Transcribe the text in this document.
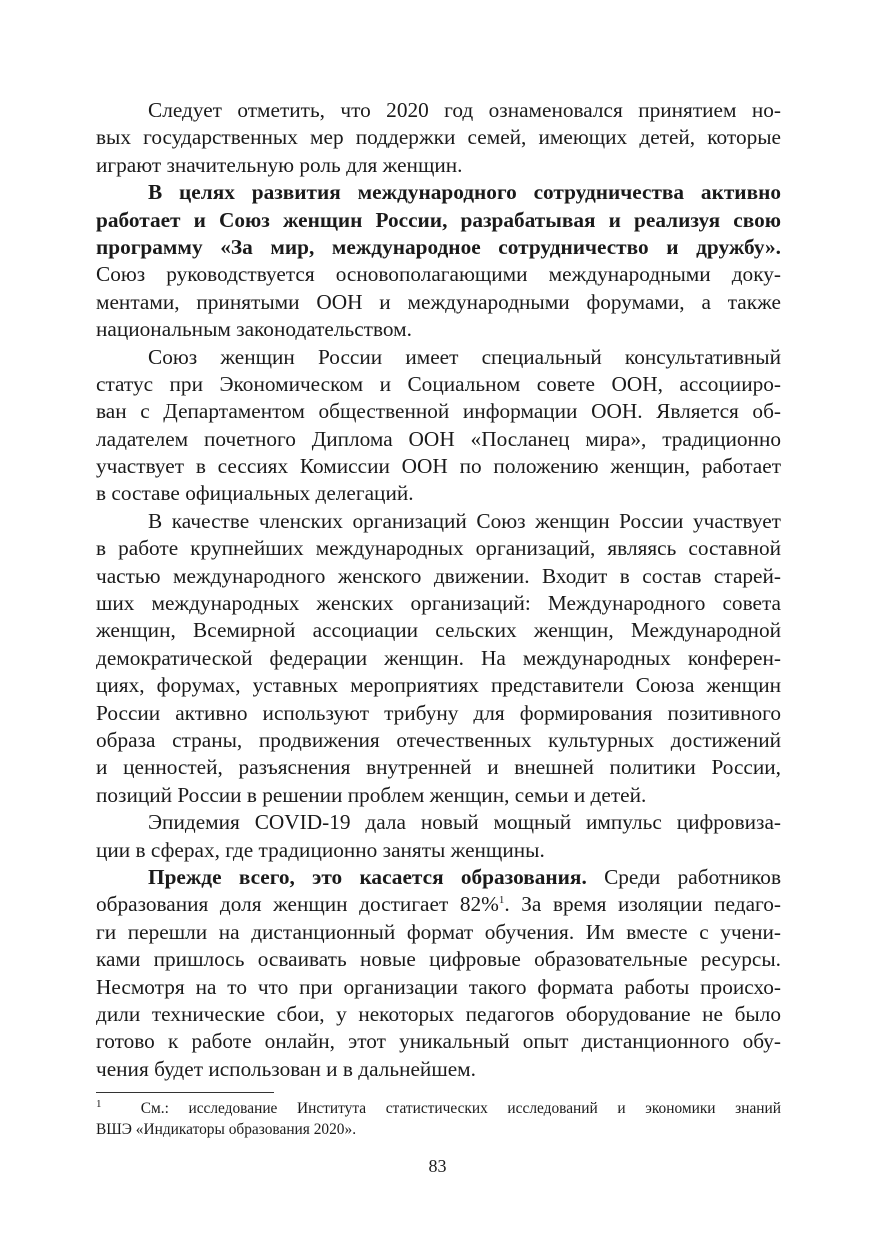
Следует отметить, что 2020 год ознаменовался принятием но-
вых государственных мер поддержки семей, имеющих детей, которые
играют значительную роль для женщин.
В целях развития международного сотрудничества активно
работает и Союз женщин России, разрабатывая и реализуя свою
программу «За мир, международное сотрудничество и дружбу».
Союз руководствуется основополагающими международными доку-
ментами, принятыми ООН и международными форумами, а также
национальным законодательством.
Союз женщин России имеет специальный консультативный
статус при Экономическом и Социальном совете ООН, ассоцииро-
ван с Департаментом общественной информации ООН. Является об-
ладателем почетного Диплома ООН «Посланец мира», традиционно
участвует в сессиях Комиссии ООН по положению женщин, работает
в составе официальных делегаций.
В качестве членских организаций Союз женщин России участвует
в работе крупнейших международных организаций, являясь составной
частью международного женского движении. Входит в состав старей-
ших международных женских организаций: Международного совета
женщин, Всемирной ассоциации сельских женщин, Международной
демократической федерации женщин. На международных конферен-
циях, форумах, уставных мероприятиях представители Союза женщин
России активно используют трибуну для формирования позитивного
образа страны, продвижения отечественных культурных достижений
и ценностей, разъяснения внутренней и внешней политики России,
позиций России в решении проблем женщин, семьи и детей.
Эпидемия COVID-19 дала новый мощный импульс цифровиза-
ции в сферах, где традиционно заняты женщины.
Прежде всего, это касается образования. Среди работников
образования доля женщин достигает 82%$^1$. За время изоляции педаго-
ги перешли на дистанционный формат обучения. Им вместе с учени-
ками пришлось осваивать новые цифровые образовательные ресурсы.
Несмотря на то что при организации такого формата работы происхо-
дили технические сбои, у некоторых педагогов оборудование не было
готово к работе онлайн, этот уникальный опыт дистанционного обу-
чения будет использован и в дальнейшем.
$^1$	См.: исследование Института статистических исследований и экономики знаний
ВШЭ «Индикаторы образования 2020».
83
